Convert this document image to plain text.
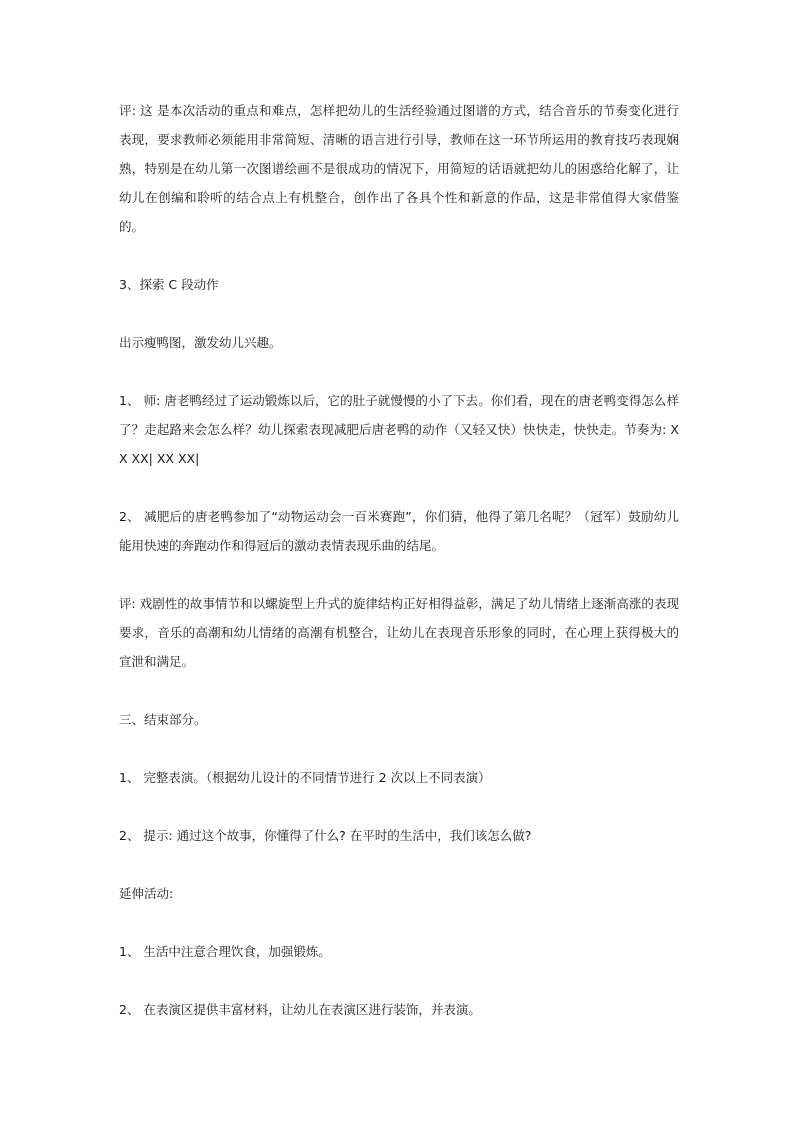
评: 这 是本次活动的重点和难点，怎样把幼儿的生活经验通过图谱的方式，结合音乐的节奏变化进行表现，要求教师必须能用非常简短、清晰的语言进行引导，教师在这一环节所运用的教育技巧表现娴熟，特别是在幼儿第一次图谱绘画不是很成功的情况下，用简短的话语就把幼儿的困惑给化解了，让幼儿在创编和聆听的结合点上有机整合，创作出了各具个性和新意的作品，这是非常值得大家借鉴的。

3、探索 C 段动作

出示瘦鸭图，激发幼儿兴趣。

1、 师: 唐老鸭经过了运动锻炼以后，它的肚子就慢慢的小了下去。你们看，现在的唐老鸭变得怎么样了？走起路来会怎么样？幼儿探索表现减肥后唐老鸭的动作（又轻又快）快快走，快快走。节奏为: XX XX| XX XX|

2、 减肥后的唐老鸭参加了“动物运动会一百米赛跑”，你们猜，他得了第几名呢？（冠军）鼓励幼儿能用快速的奔跑动作和得冠后的激动表情表现乐曲的结尾。

评: 戏剧性的故事情节和以螺旋型上升式的旋律结构正好相得益彰，满足了幼儿情绪上逐渐高涨的表现要求，音乐的高潮和幼儿情绪的高潮有机整合，让幼儿在表现音乐形象的同时，在心理上获得极大的宣泄和满足。

三、结束部分。

1、 完整表演。（根据幼儿设计的不同情节进行 2 次以上不同表演）

2、 提示: 通过这个故事，你懂得了什么? 在平时的生活中，我们该怎么做?

延伸活动:

1、 生活中注意合理饮食，加强锻炼。

2、 在表演区提供丰富材料，让幼儿在表演区进行装饰，并表演。
